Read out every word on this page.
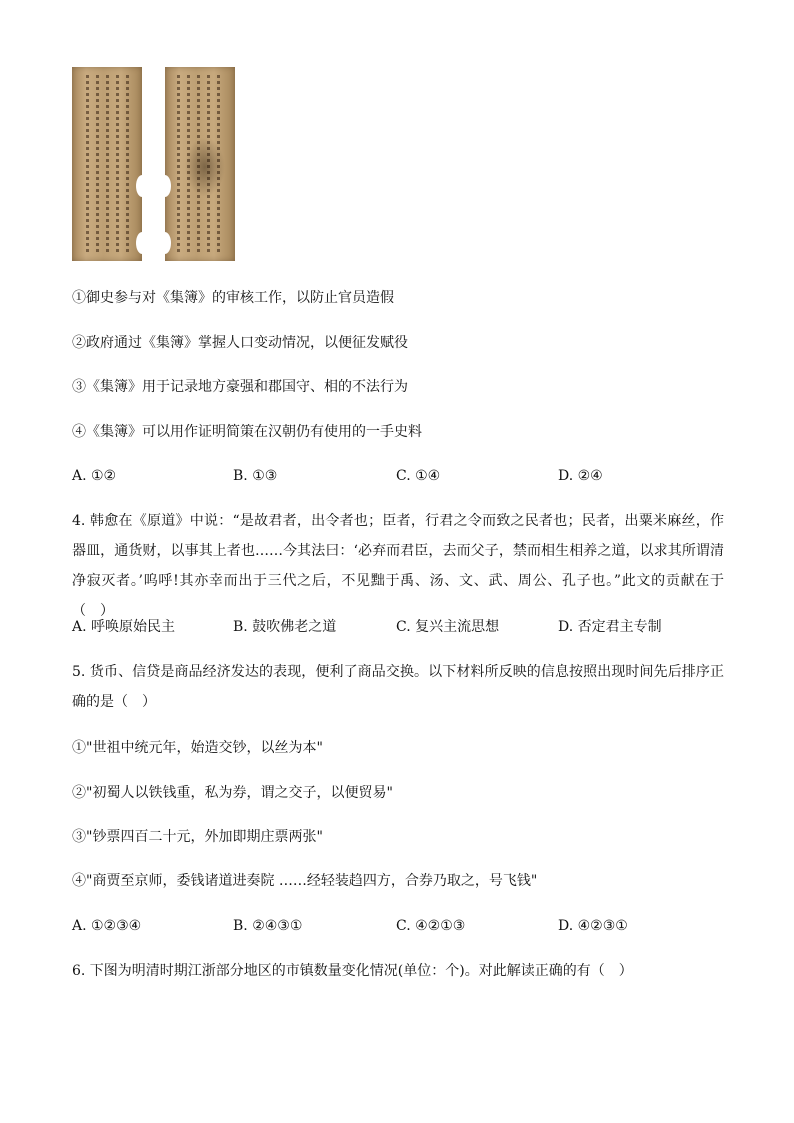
①御史参与对《集簿》的审核工作，以防止官员造假
②政府通过《集簿》掌握人口变动情况，以便征发赋役
③《集簿》用于记录地方豪强和郡国守、相的不法行为
④《集簿》可以用作证明简策在汉朝仍有使用的一手史料
A. ①②	B. ①③	C. ①④	D. ②④
4. 韩愈在《原道》中说：“是故君者，出令者也；臣者，行君之令而致之民者也；民者，出粟米麻丝，作器皿，通货财，以事其上者也……今其法曰：‘必弃而君臣，去而父子，禁而相生相养之道，以求其所谓清净寂灭者。’呜呼!其亦幸而出于三代之后，不见黜于禹、汤、文、武、周公、孔子也。”此文的贡献在于（　）
A. 呼唤原始民主	B. 鼓吹佛老之道	C. 复兴主流思想	D. 否定君主专制
5. 货币、信贷是商品经济发达的表现，便利了商品交换。以下材料所反映的信息按照出现时间先后排序正确的是（　）
①"世祖中统元年，始造交钞，以丝为本"
②"初蜀人以铁钱重，私为券，谓之交子，以便贸易"
③"钞票四百二十元，外加即期庄票两张"
④"商贾至京师，委钱诸道进奏院 ……经轻装趋四方，合券乃取之，号飞钱"
A. ①②③④	B. ②④③①	C. ④②①③	D. ④②③①
6. 下图为明清时期江浙部分地区的市镇数量变化情况(单位：个)。对此解读正确的有（　）
